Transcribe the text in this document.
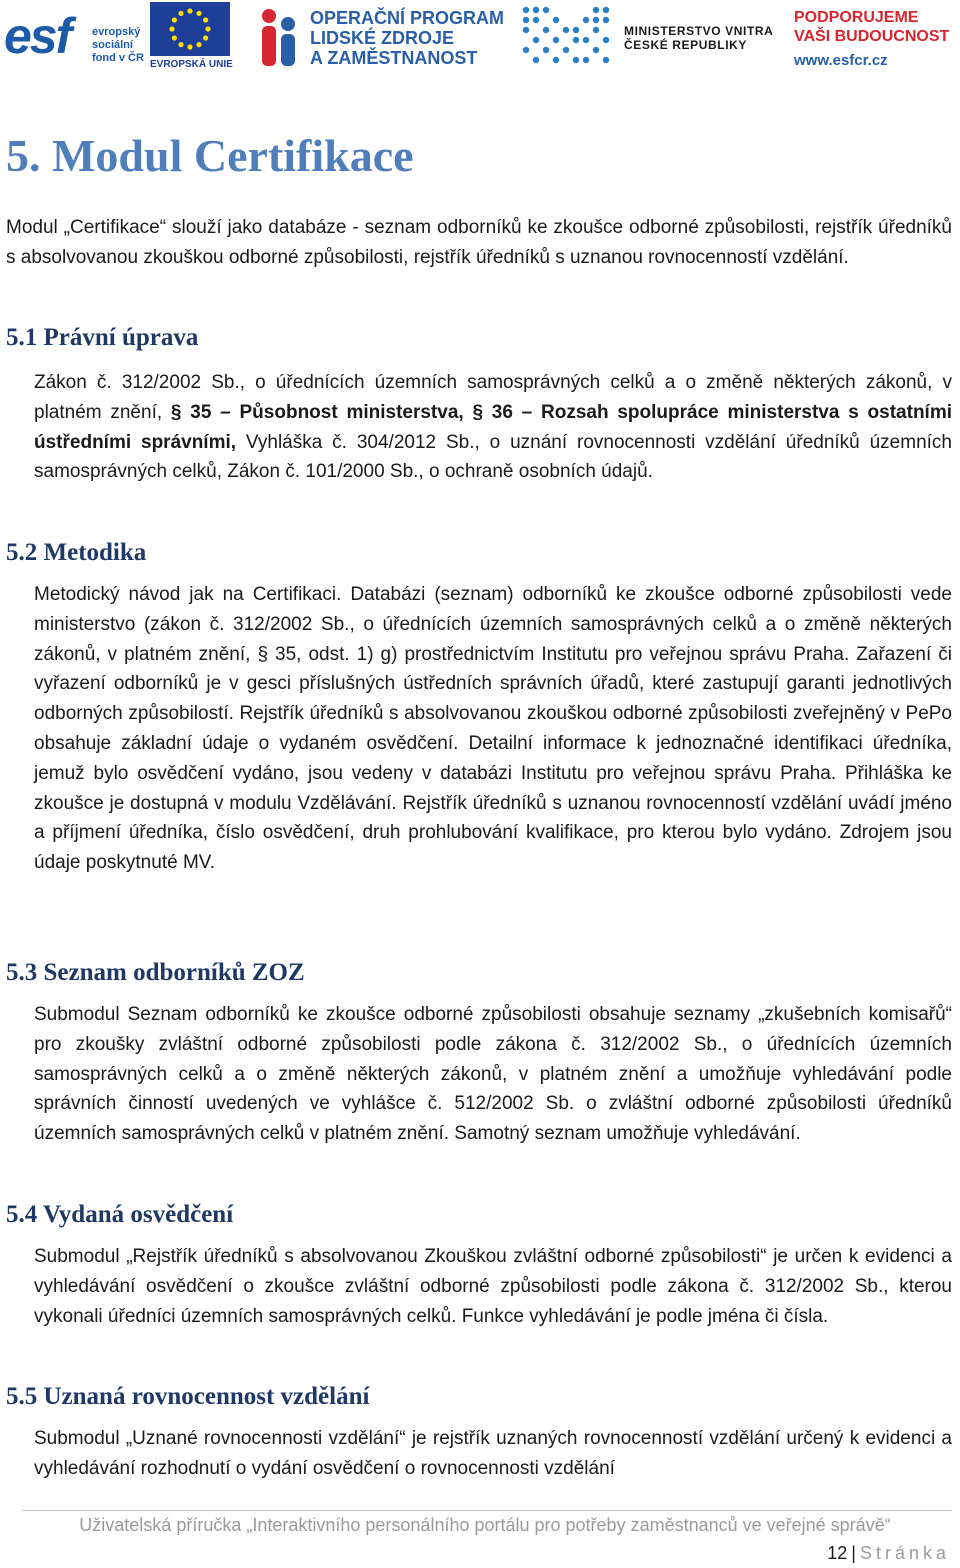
esf evropský
sociální
fond v ČR
EVROPSKÁ UNIE
OPERAČNÍ PROGRAM
LIDSKÉ ZDROJE
A ZAMĚSTNANOST
MINISTERSTVO VNITRA
ČESKÉ REPUBLIKY
PODPORUJEME
VAŠI BUDOUCNOST
www.esfcr.cz
5. Modul Certifikace

Modul „Certifikace“ slouží jako databáze - seznam odborníků ke zkoušce odborné způsobilosti, rejstřík úředníků s absolvovanou zkouškou odborné způsobilosti, rejstřík úředníků s uznanou rovnocenností vzdělání.

5.1 Právní úprava

Zákon č. 312/2002 Sb., o úřednících územních samosprávných celků a o změně některých zákonů, v platném znění, § 35 – Působnost ministerstva, § 36 – Rozsah spolupráce ministerstva s ostatními ústředními správními, Vyhláška č. 304/2012 Sb., o uznání rovnocennosti vzdělání úředníků územních samosprávných celků, Zákon č. 101/2000 Sb., o ochraně osobních údajů.

5.2 Metodika

Metodický návod jak na Certifikaci. Databázi (seznam) odborníků ke zkoušce odborné způsobilosti vede ministerstvo (zákon č. 312/2002 Sb., o úřednících územních samosprávných celků a o změně některých zákonů, v platném znění, § 35, odst. 1) g) prostřednictvím Institutu pro veřejnou správu Praha. Zařazení či vyřazení odborníků je v gesci příslušných ústředních správních úřadů, které zastupují garanti jednotlivých odborných způsobilostí. Rejstřík úředníků s absolvovanou zkouškou odborné způsobilosti zveřejněný v PePo obsahuje základní údaje o vydaném osvědčení. Detailní informace k jednoznačné identifikaci úředníka, jemuž bylo osvědčení vydáno, jsou vedeny v databázi Institutu pro veřejnou správu Praha. Přihláška ke zkoušce je dostupná v modulu Vzdělávání. Rejstřík úředníků s uznanou rovnocenností vzdělání uvádí jméno a příjmení úředníka, číslo osvědčení, druh prohlubování kvalifikace, pro kterou bylo vydáno. Zdrojem jsou údaje poskytnuté MV.

5.3 Seznam odborníků ZOZ

Submodul Seznam odborníků ke zkoušce odborné způsobilosti obsahuje seznamy „zkušebních komisařů“ pro zkoušky zvláštní odborné způsobilosti podle zákona č. 312/2002 Sb., o úřednících územních samosprávných celků a o změně některých zákonů, v platném znění a umožňuje vyhledávání podle správních činností uvedených ve vyhlášce č. 512/2002 Sb. o zvláštní odborné způsobilosti úředníků územních samosprávných celků v platném znění. Samotný seznam umožňuje vyhledávání.

5.4 Vydaná osvědčení

Submodul „Rejstřík úředníků s absolvovanou Zkouškou zvláštní odborné způsobilosti“ je určen k evidenci a vyhledávání osvědčení o zkoušce zvláštní odborné způsobilosti podle zákona č. 312/2002 Sb., kterou vykonali úředníci územních samosprávných celků. Funkce vyhledávání je podle jména či čísla.

5.5 Uznaná rovnocennost vzdělání

Submodul „Uznané rovnocennosti vzdělání“ je rejstřík uznaných rovnocenností vzdělání určený k evidenci a vyhledávání rozhodnutí o vydání osvědčení o rovnocennosti vzdělání

Uživatelská příručka „Interaktivního personálního portálu pro potřeby zaměstnanců ve veřejné správě“
12 | Stránka
